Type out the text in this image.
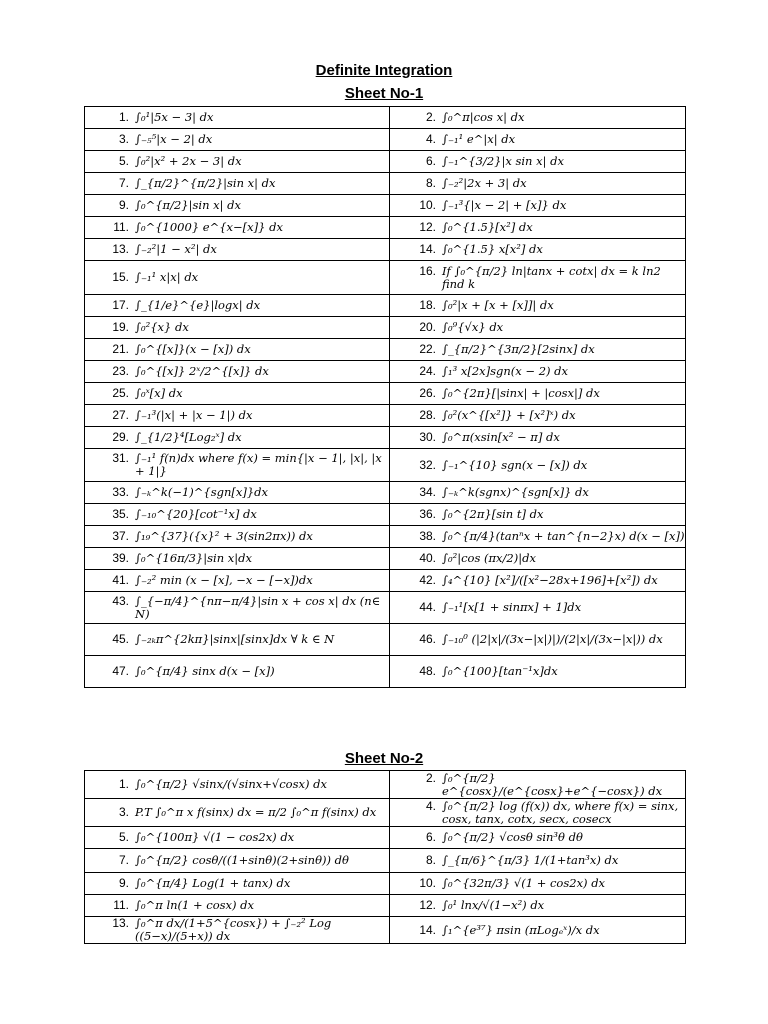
Definite Integration
Sheet No-1
1. ∫₀¹|5x − 3| dx	2. ∫₀^π|cos x| dx

3. ∫₋₅⁵|x − 2| dx	4. ∫₋₁¹ e^|x| dx

5. ∫₀²|x² + 2x − 3| dx	6. ∫₋₁^{3/2}|x sin x| dx

7. ∫_{π/2}^{π/2}|sin x| dx	8. ∫₋₂²|2x + 3| dx

9. ∫₀^{π/2}|sin x| dx	10. ∫₋₁³{|x − 2| + [x]} dx

11. ∫₀^{1000} e^{x−[x]} dx	12. ∫₀^{1.5}[x²] dx

13. ∫₋₂²|1 − x²| dx	14. ∫₀^{1.5} x[x²] dx

15. ∫₋₁¹ x|x| dx	16. If ∫₀^{π/2} ln|tanx + cotx| dx = k ln2 find k

17. ∫_{1/e}^{e}|logx| dx	18. ∫₀²|x + [x + [x]]| dx

19. ∫₀²{x} dx	20. ∫₀⁹{√x} dx

21. ∫₀^{[x]}(x − [x]) dx	22. ∫_{π/2}^{3π/2}[2sinx] dx

23. ∫₀^{[x]} 2ˣ/2^{[x]} dx	24. ∫₁³ x[2x]sgn(x − 2) dx

25. ∫₀ˣ[x] dx	26. ∫₀^{2π}[|sinx| + |cosx|] dx

27. ∫₋₁³(|x| + |x − 1|) dx	28. ∫₀²(x^{[x²]} + [x²]ˣ) dx

29. ∫_{1/2}⁴[Log₂ˣ] dx	30. ∫₀^π(xsin[x² − π] dx

31. ∫₋₁¹ f(n)dx where f(x) = min{|x − 1|, |x|, |x + 1|}	32. ∫₋₁^{10} sgn(x − [x]) dx

33. ∫₋ₖ^k(−1)^{sgn[x]}dx	34. ∫₋ₖ^k(sgnx)^{sgn[x]} dx

35. ∫₋₁₀^{20}[cot⁻¹x] dx	36. ∫₀^{2π}[sin t] dx

37. ∫₁₉^{37}({x}² + 3(sin2πx)) dx	38. ∫₀^{π/4}(tanⁿx + tan^{n−2}x) d(x − [x])

39. ∫₀^{16π/3}|sin x|dx	40. ∫₀²|cos (πx/2)|dx

41. ∫₋₂² min (x − [x], −x − [−x])dx	42. ∫₄^{10} [x²]/([x²−28x+196]+[x²]) dx

43. ∫_{−π/4}^{nπ−π/4}|sin x + cos x| dx (n∈ N)	44. ∫₋₁¹[x[1 + sinπx] + 1]dx

45. ∫₋₂ₖπ^{2kπ}|sinx|[sinx]dx ∀ k ∈ N	46. ∫₋₁₀⁰ (|2|x|/(3x−|x|)|)/(2|x|/(3x−|x|)) dx

47. ∫₀^{π/4} sinx d(x − [x])	48. ∫₀^{100}[tan⁻¹x]dx
Sheet No-2
1. ∫₀^{π/2} √sinx/(√sinx+√cosx) dx	2. ∫₀^{π/2} e^{cosx}/(e^{cosx}+e^{−cosx}) dx

3. P.T ∫₀^π x f(sinx) dx = π/2 ∫₀^π f(sinx) dx	4. ∫₀^{π/2} log (f(x)) dx, where f(x) = sinx, cosx, tanx, cotx, secx, cosecx

5. ∫₀^{100π} √(1 − cos2x) dx	6. ∫₀^{π/2} √cosθ sin³θ dθ

7. ∫₀^{π/2} cosθ/((1+sinθ)(2+sinθ)) dθ	8. ∫_{π/6}^{π/3} 1/(1+tan³x) dx

9. ∫₀^{π/4} Log(1 + tanx) dx	10. ∫₀^{32π/3} √(1 + cos2x) dx

11. ∫₀^π ln(1 + cosx) dx	12. ∫₀¹ lnx/√(1−x²) dx

13. ∫₀^π dx/(1+5^{cosx}) + ∫₋₂² Log ((5−x)/(5+x)) dx	14. ∫₁^{e³⁷} πsin (πLogₑˣ)/x dx
